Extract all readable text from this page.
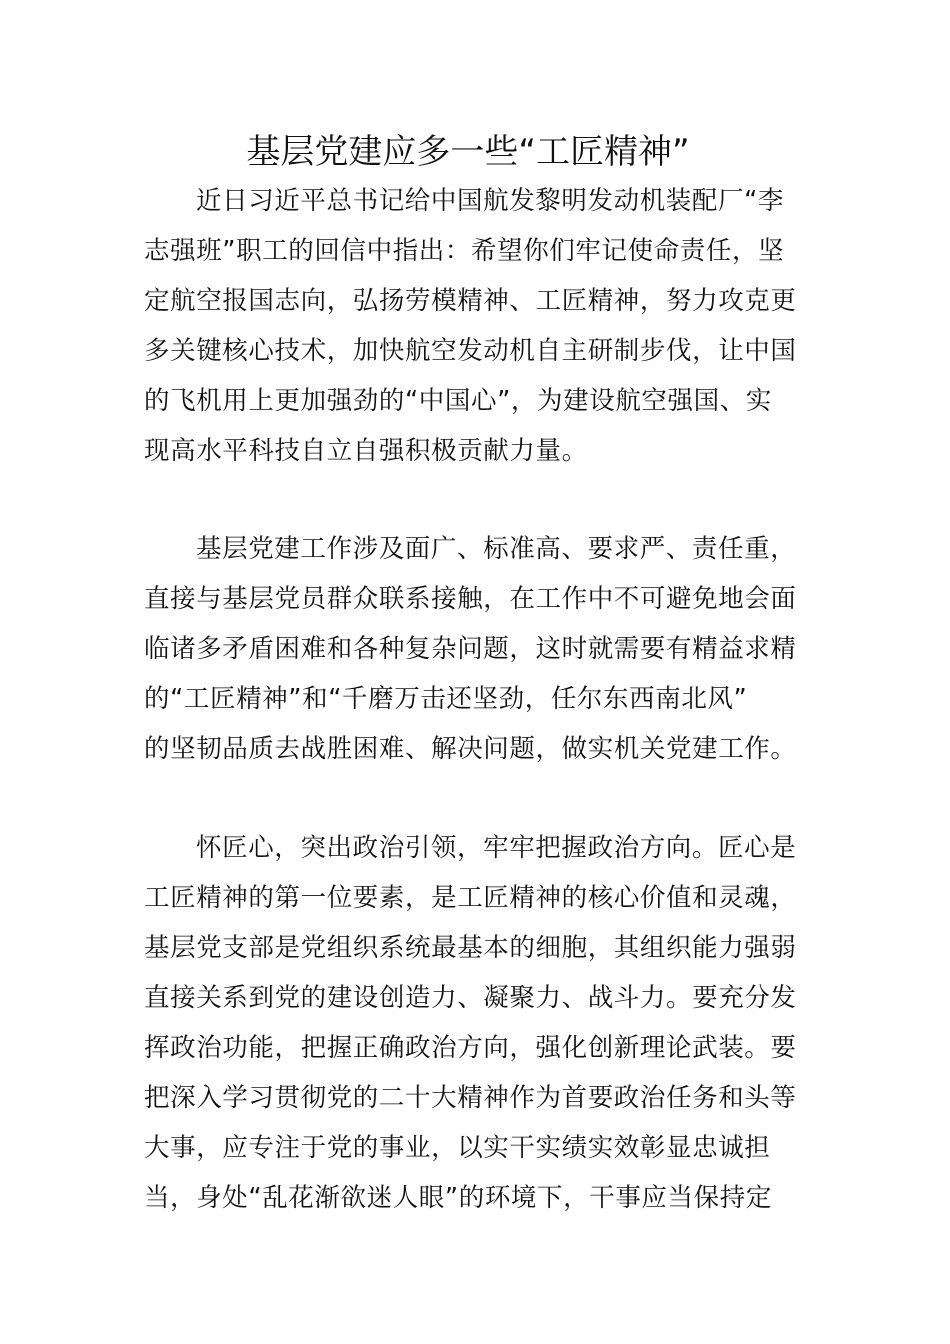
基层党建应多一些“工匠精神”
近日习近平总书记给中国航发黎明发动机装配厂“李
志强班”职工的回信中指出：希望你们牢记使命责任，坚
定航空报国志向，弘扬劳模精神、工匠精神，努力攻克更
多关键核心技术，加快航空发动机自主研制步伐，让中国
的飞机用上更加强劲的“中国心”，为建设航空强国、实
现高水平科技自立自强积极贡献力量。
基层党建工作涉及面广、标准高、要求严、责任重，
直接与基层党员群众联系接触，在工作中不可避免地会面
临诸多矛盾困难和各种复杂问题，这时就需要有精益求精
的“工匠精神”和“千磨万击还坚劲，任尔东西南北风”
的坚韧品质去战胜困难、解决问题，做实机关党建工作。
怀匠心，突出政治引领，牢牢把握政治方向。匠心是
工匠精神的第一位要素，是工匠精神的核心价值和灵魂，
基层党支部是党组织系统最基本的细胞，其组织能力强弱
直接关系到党的建设创造力、凝聚力、战斗力。要充分发
挥政治功能，把握正确政治方向，强化创新理论武装。要
把深入学习贯彻党的二十大精神作为首要政治任务和头等
大事，应专注于党的事业，以实干实绩实效彰显忠诚担
当，身处“乱花渐欲迷人眼”的环境下，干事应当保持定
